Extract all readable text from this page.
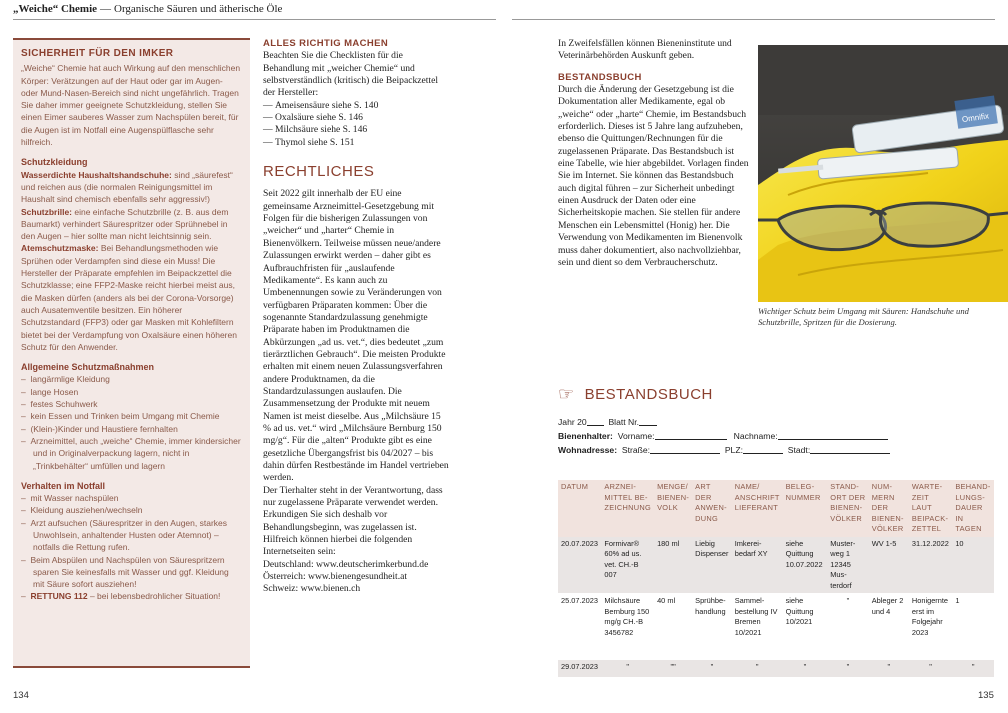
„Weiche“ Chemie — Organische Säuren und ätherische Öle
SICHERHEIT FÜR DEN IMKER

„Weiche“ Chemie hat auch Wirkung auf den menschlichen Körper: Verätzungen auf der Haut oder gar im Augen- oder Mund-Nasen-Bereich sind nicht ungefährlich. Tragen Sie daher immer geeignete Schutzkleidung, stellen Sie einen Eimer sauberes Wasser zum Nachspülen bereit, für die Augen ist im Notfall eine Augenspülflasche sehr hilfreich.

Schutzkleidung

Wasserdichte Haushaltshandschuhe: sind „säurefest“ und reichen aus (die normalen Reinigungsmittel im Haushalt sind chemisch ebenfalls sehr aggressiv!)

Schutzbrille: eine einfache Schutzbrille (z. B. aus dem Baumarkt) verhindert Säurespritzer oder Sprühnebel in den Augen – hier sollte man nicht leichtsinnig sein.

Atemschutzmaske: Bei Behandlungsmethoden wie Sprühen oder Verdampfen sind diese ein Muss! Die Hersteller der Präparate empfehlen im Beipackzettel die Schutzklasse; eine FFP2-Maske reicht hierbei meist aus, die Masken dürfen (anders als bei der Corona-Vorsorge) auch Ausatemventile besitzen. Ein höherer Schutzstandard (FFP3) oder gar Masken mit Kohlefiltern bietet bei der Verdampfung von Oxalsäure einen höheren Schutz für den Anwender.

Allgemeine Schutzmaßnahmen
–  langärmlige Kleidung
–  lange Hosen
–  festes Schuhwerk
–  kein Essen und Trinken beim Umgang mit Chemie
–  (Klein-)Kinder und Haustiere fernhalten
–  Arzneimittel, auch „weiche“ Chemie, immer kindersicher und in Originalverpackung lagern, nicht in „Trinkbehälter“ umfüllen und lagern
Verhalten im Notfall
–  mit Wasser nachspülen
–  Kleidung ausziehen/wechseln
–  Arzt aufsuchen (Säurespritzer in den Augen, starkes Unwohlsein, anhaltender Husten oder Atemnot) – notfalls die Rettung rufen.
–  Beim Abspülen und Nachspülen von Säurespritzern sparen Sie keinesfalls mit Wasser und ggf. Kleidung mit Säure sofort ausziehen!
–  RETTUNG 112 – bei lebensbedrohlicher Situation!
ALLES RICHTIG MACHEN

Beachten Sie die Checklisten für die Behandlung mit „weicher Chemie“ und selbstverständlich (kritisch) die Beipackzettel der Hersteller:

— Ameisensäure siehe S. 140
— Oxalsäure siehe S. 146
— Milchsäure siehe S. 146
— Thymol siehe S. 151
RECHTLICHES

Seit 2022 gilt innerhalb der EU eine gemeinsame Arzneimittel-Gesetzgebung mit Folgen für die bisherigen Zulassungen von „weicher“ und „harter“ Chemie in Bienenvölkern. Teilweise müssen neue/andere Zulassungen erwirkt werden – daher gibt es Aufbrauchfristen für „auslaufende Medikamente“. Es kann auch zu Umbenennungen sowie zu Veränderungen von verfügbaren Präparaten kommen: Über die sogenannte Standardzulassung genehmigte Präparate haben im Produktnamen die Abkürzungen „ad us. vet.“, dies bedeutet „zum tierärztlichen Gebrauch“. Die meisten Produkte erhalten mit einem neuen Zulassungsverfahren andere Produktnamen, da die Standardzulassungen auslaufen. Die Zusammensetzung der Produkte mit neuem Namen ist meist dieselbe. Aus „Milchsäure 15 % ad us. vet.“ wird „Milchsäure Bernburg 150 mg/g“. Für die „alten“ Produkte gibt es eine gesetzliche Übergangsfrist bis 04/2027 – bis dahin dürfen Restbestände im Handel vertrieben werden.

Der Tierhalter steht in der Verantwortung, dass nur zugelassene Präparate verwendet werden. Erkundigen Sie sich deshalb vor Behandlungsbeginn, was zugelassen ist. Hilfreich können hierbei die folgenden Internetseiten sein:

Deutschland: www.deutscherimkerbund.de

Österreich: www.bienengesundheit.at

Schweiz: www.bienen.ch

In Zweifelsfällen können Bieneninstitute und Veterinärbehörden Auskunft geben.

BESTANDSBUCH

Durch die Änderung der Gesetzgebung ist die Dokumentation aller Medikamente, egal ob „weiche“ oder „harte“ Chemie, im Bestandsbuch erforderlich. Dieses ist 5 Jahre lang aufzuheben, ebenso die Quittungen/Rechnungen für die zugelassenen Präparate. Das Bestandsbuch ist eine Tabelle, wie hier abgebildet. Vorlagen finden Sie im Internet. Sie können das Bestandsbuch auch digital führen – zur Sicherheit unbedingt einen Ausdruck der Daten oder eine Sicherheitskopie machen. Sie stellen für andere Menschen ein Lebensmittel (Honig) her. Die Verwendung von Medikamenten im Bienenvolk muss daher dokumentiert, also nachvollziehbar, sein und dient so dem Verbraucherschutz.

Omnifix
Wichtiger Schutz beim Umgang mit Säuren: Handschuhe und Schutzbrille, Spritzen für die Dosierung.
☞ BESTANDSBUCH
Jahr 20	Blatt Nr.
Bienenhalter: Vorname:	Nachname:
Wohnadresse: Straße:	PLZ:	Stadt:
DATUM	ARZNEI-MITTEL BE-ZEICHNUNG	MENGE/ BIENEN-VOLK	ART DER ANWEN-DUNG	NAME/ ANSCHRIFT LIEFERANT	BELEG-NUMMER	STAND-ORT DER BIENEN-VÖLKER	NUM-MERN DER BIENEN-VÖLKER	WARTE-ZEIT LAUT BEIPACK-ZETTEL	BEHAND-LUNGS-DAUER IN TAGEN
20.07.2023	Formivar® 60% ad us. vet. CH.-B 007	180 ml	Liebig Dispenser	Imkerei-bedarf XY	siehe Quittung 10.07.2022	Muster-weg 1 12345 Mus-terdorf	WV 1-5	31.12.2022	10
25.07.2023	Milchsäure Bernburg 150 mg/g CH.-B 3456782	40 ml	Sprühbe-handlung	Sammel-bestellung IV Bremen 10/2021	siehe Quittung 10/2021	"	Ableger 2 und 4	Honigernte erst im Folgejahr 2023	1
29.07.2023	"	""	"	"	"	"	"	"	"
134	135
